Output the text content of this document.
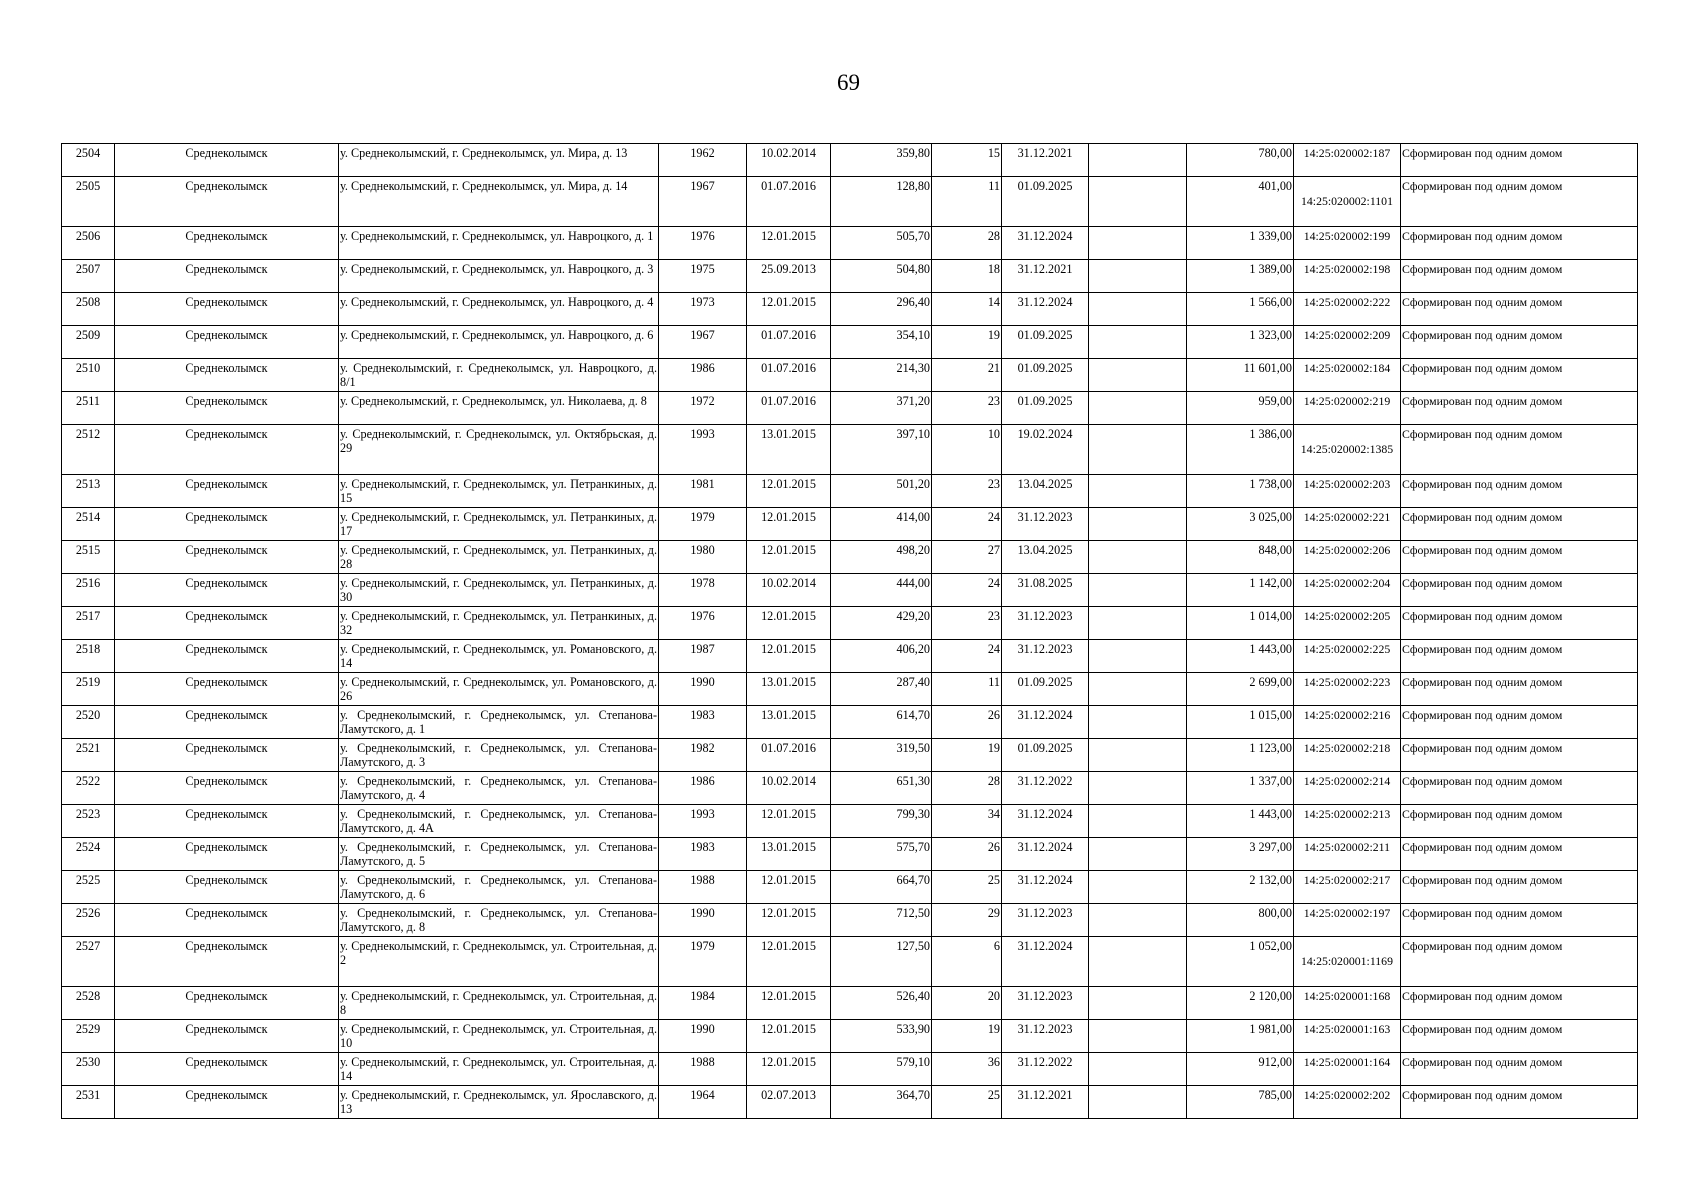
69
2504	Среднеколымск	у. Среднеколымский, г. Среднеколымск, ул. Мира, д. 13	1962	10.02.2014	359,80	15	31.12.2021		780,00	14:25:020002:187	Сформирован под одним домом
2505	Среднеколымск	у. Среднеколымский, г. Среднеколымск, ул. Мира, д. 14	1967	01.07.2016	128,80	11	01.09.2025		401,00	14:25:020002:1101	Сформирован под одним домом
2506	Среднеколымск	у. Среднеколымский, г. Среднеколымск, ул. Навроцкого, д. 1	1976	12.01.2015	505,70	28	31.12.2024		1 339,00	14:25:020002:199	Сформирован под одним домом
2507	Среднеколымск	у. Среднеколымский, г. Среднеколымск, ул. Навроцкого, д. 3	1975	25.09.2013	504,80	18	31.12.2021		1 389,00	14:25:020002:198	Сформирован под одним домом
2508	Среднеколымск	у. Среднеколымский, г. Среднеколымск, ул. Навроцкого, д. 4	1973	12.01.2015	296,40	14	31.12.2024		1 566,00	14:25:020002:222	Сформирован под одним домом
2509	Среднеколымск	у. Среднеколымский, г. Среднеколымск, ул. Навроцкого, д. 6	1967	01.07.2016	354,10	19	01.09.2025		1 323,00	14:25:020002:209	Сформирован под одним домом
2510	Среднеколымск	у. Среднеколымский, г. Среднеколымск, ул. Навроцкого, д. 8/1	1986	01.07.2016	214,30	21	01.09.2025		11 601,00	14:25:020002:184	Сформирован под одним домом
2511	Среднеколымск	у. Среднеколымский, г. Среднеколымск, ул. Николаева, д. 8	1972	01.07.2016	371,20	23	01.09.2025		959,00	14:25:020002:219	Сформирован под одним домом
2512	Среднеколымск	у. Среднеколымский, г. Среднеколымск, ул. Октябрьская, д. 29	1993	13.01.2015	397,10	10	19.02.2024		1 386,00	14:25:020002:1385	Сформирован под одним домом
2513	Среднеколымск	у. Среднеколымский, г. Среднеколымск, ул. Петранкиных, д. 15	1981	12.01.2015	501,20	23	13.04.2025		1 738,00	14:25:020002:203	Сформирован под одним домом
2514	Среднеколымск	у. Среднеколымский, г. Среднеколымск, ул. Петранкиных, д. 17	1979	12.01.2015	414,00	24	31.12.2023		3 025,00	14:25:020002:221	Сформирован под одним домом
2515	Среднеколымск	у. Среднеколымский, г. Среднеколымск, ул. Петранкиных, д. 28	1980	12.01.2015	498,20	27	13.04.2025		848,00	14:25:020002:206	Сформирован под одним домом
2516	Среднеколымск	у. Среднеколымский, г. Среднеколымск, ул. Петранкиных, д. 30	1978	10.02.2014	444,00	24	31.08.2025		1 142,00	14:25:020002:204	Сформирован под одним домом
2517	Среднеколымск	у. Среднеколымский, г. Среднеколымск, ул. Петранкиных, д. 32	1976	12.01.2015	429,20	23	31.12.2023		1 014,00	14:25:020002:205	Сформирован под одним домом
2518	Среднеколымск	у. Среднеколымский, г. Среднеколымск, ул. Романовского, д. 14	1987	12.01.2015	406,20	24	31.12.2023		1 443,00	14:25:020002:225	Сформирован под одним домом
2519	Среднеколымск	у. Среднеколымский, г. Среднеколымск, ул. Романовского, д. 26	1990	13.01.2015	287,40	11	01.09.2025		2 699,00	14:25:020002:223	Сформирован под одним домом
2520	Среднеколымск	у. Среднеколымский, г. Среднеколымск, ул. Степанова-Ламутского, д. 1	1983	13.01.2015	614,70	26	31.12.2024		1 015,00	14:25:020002:216	Сформирован под одним домом
2521	Среднеколымск	у. Среднеколымский, г. Среднеколымск, ул. Степанова-Ламутского, д. 3	1982	01.07.2016	319,50	19	01.09.2025		1 123,00	14:25:020002:218	Сформирован под одним домом
2522	Среднеколымск	у. Среднеколымский, г. Среднеколымск, ул. Степанова-Ламутского, д. 4	1986	10.02.2014	651,30	28	31.12.2022		1 337,00	14:25:020002:214	Сформирован под одним домом
2523	Среднеколымск	у. Среднеколымский, г. Среднеколымск, ул. Степанова-Ламутского, д. 4А	1993	12.01.2015	799,30	34	31.12.2024		1 443,00	14:25:020002:213	Сформирован под одним домом
2524	Среднеколымск	у. Среднеколымский, г. Среднеколымск, ул. Степанова-Ламутского, д. 5	1983	13.01.2015	575,70	26	31.12.2024		3 297,00	14:25:020002:211	Сформирован под одним домом
2525	Среднеколымск	у. Среднеколымский, г. Среднеколымск, ул. Степанова-Ламутского, д. 6	1988	12.01.2015	664,70	25	31.12.2024		2 132,00	14:25:020002:217	Сформирован под одним домом
2526	Среднеколымск	у. Среднеколымский, г. Среднеколымск, ул. Степанова-Ламутского, д. 8	1990	12.01.2015	712,50	29	31.12.2023		800,00	14:25:020002:197	Сформирован под одним домом
2527	Среднеколымск	у. Среднеколымский, г. Среднеколымск, ул. Строительная, д. 2	1979	12.01.2015	127,50	6	31.12.2024		1 052,00	14:25:020001:1169	Сформирован под одним домом
2528	Среднеколымск	у. Среднеколымский, г. Среднеколымск, ул. Строительная, д. 8	1984	12.01.2015	526,40	20	31.12.2023		2 120,00	14:25:020001:168	Сформирован под одним домом
2529	Среднеколымск	у. Среднеколымский, г. Среднеколымск, ул. Строительная, д. 10	1990	12.01.2015	533,90	19	31.12.2023		1 981,00	14:25:020001:163	Сформирован под одним домом
2530	Среднеколымск	у. Среднеколымский, г. Среднеколымск, ул. Строительная, д. 14	1988	12.01.2015	579,10	36	31.12.2022		912,00	14:25:020001:164	Сформирован под одним домом
2531	Среднеколымск	у. Среднеколымский, г. Среднеколымск, ул. Ярославского, д. 13	1964	02.07.2013	364,70	25	31.12.2021		785,00	14:25:020002:202	Сформирован под одним домом
